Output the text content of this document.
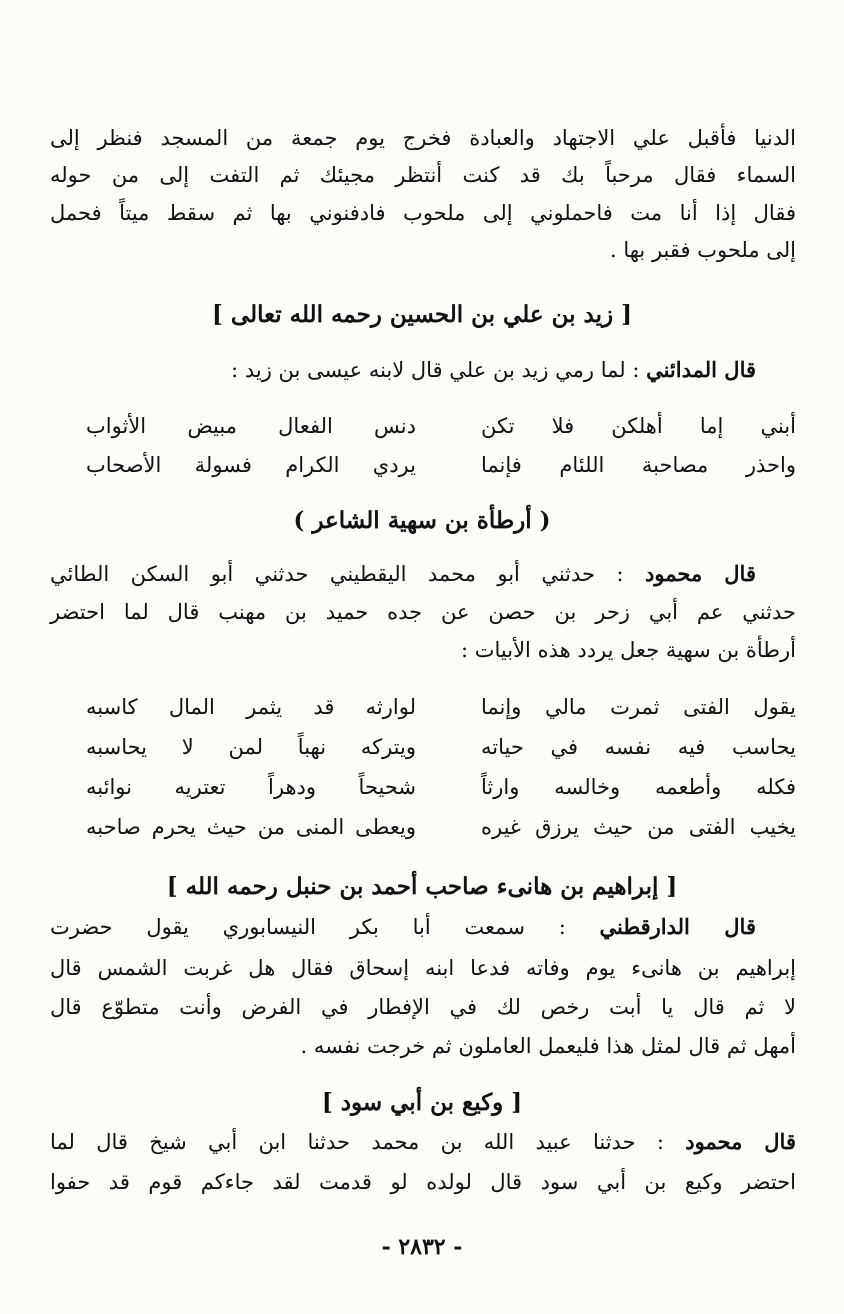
الدنيا فأقبل علي الاجتهاد والعبادة فخرج يوم جمعة من المسجد فنظر إلى
السماء فقال مرحباً بك قد كنت أنتظر مجيئك ثم التفت إلى من حوله
فقال إذا أنا مت فاحملوني إلى ملحوب فادفنوني بها ثم سقط ميتاً فحمل
إلى ملحوب فقبر بها .
[ زيد بن علي بن الحسين رحمه الله تعالى ]
قال المدائني : لما رمي زيد بن علي قال لابنه عيسى بن زيد :
أبني إما أهلكن فلا تكن
دنس الفعال مبيض الأثواب
واحذر مصاحبة اللئام فإنما
يردي الكرام فسولة الأصحاب
( أرطأة بن سهية الشاعر )
قال محمود : حدثني أبو محمد اليقطيني حدثني أبو السكن الطائي
حدثني عم أبي زحر بن حصن عن جده حميد بن مهنب قال لما احتضر
أرطأة بن سهية جعل يردد هذه الأبيات :
يقول الفتى ثمرت مالي وإنما
لوارثه قد يثمر المال كاسبه
يحاسب فيه نفسه في حياته
ويتركه نهباً لمن لا يحاسبه
فكله وأطعمه وخالسه وارثاً
شحيحاً ودهراً تعتريه نوائبه
يخيب الفتى من حيث يرزق غيره
ويعطى المنى من حيث يحرم صاحبه
[ إبراهيم بن هانىء صاحب أحمد بن حنبل رحمه الله ]
قال الدارقطني : سمعت أبا بكر النيسابوري يقول حضرت
إبراهيم بن هانىء يوم وفاته فدعا ابنه إسحاق فقال هل غربت الشمس قال
لا ثم قال يا أبت رخص لك في الإفطار في الفرض وأنت متطوّع قال
أمهل ثم قال لمثل هذا فليعمل العاملون ثم خرجت نفسه .
[ وكيع بن أبي سود ]
قال محمود : حدثنا عبيد الله بن محمد حدثنا ابن أبي شيخ قال لما
احتضر وكيع بن أبي سود قال لولده لو قدمت لقد جاءكم قوم قد حفوا
- ٢٨٣٢ -
